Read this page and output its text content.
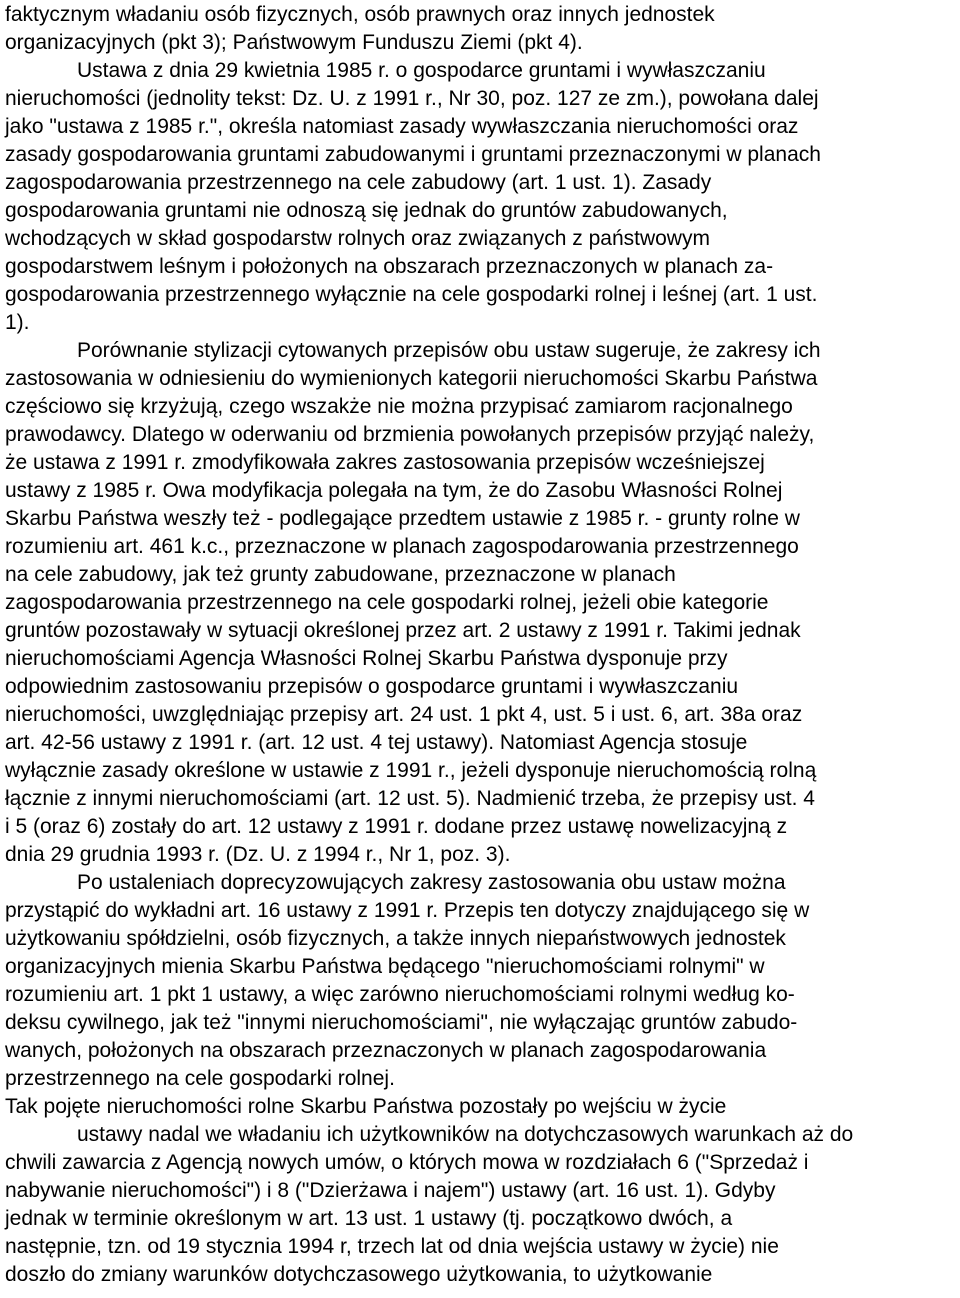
faktycznym władaniu osób fizycznych, osób prawnych oraz innych jednostek
organizacyjnych (pkt 3); Państwowym Funduszu Ziemi (pkt 4).
Ustawa z dnia 29 kwietnia 1985 r. o gospodarce gruntami i wywłaszczaniu
nieruchomości (jednolity tekst: Dz. U. z 1991 r., Nr 30, poz. 127 ze zm.), powołana dalej
jako "ustawa z 1985 r.", określa natomiast zasady wywłaszczania nieruchomości oraz
zasady gospodarowania gruntami zabudowanymi i gruntami przeznaczonymi w planach
zagospodarowania przestrzennego na cele zabudowy (art. 1 ust. 1). Zasady
gospodarowania gruntami nie odnoszą się jednak do gruntów zabudowanych,
wchodzących w skład gospodarstw rolnych oraz związanych z państwowym
gospodarstwem leśnym i położonych na obszarach przeznaczonych w planach za-
gospodarowania przestrzennego wyłącznie na cele gospodarki rolnej i leśnej (art. 1 ust.
1).
Porównanie stylizacji cytowanych przepisów obu ustaw sugeruje, że zakresy ich
zastosowania w odniesieniu do wymienionych kategorii nieruchomości Skarbu Państwa
częściowo się krzyżują, czego wszakże nie można przypisać zamiarom racjonalnego
prawodawcy. Dlatego w oderwaniu od brzmienia powołanych przepisów przyjąć należy,
że ustawa z 1991 r. zmodyfikowała zakres zastosowania przepisów wcześniejszej
ustawy z 1985 r. Owa modyfikacja polegała na tym, że do Zasobu Własności Rolnej
Skarbu Państwa weszły też - podlegające przedtem ustawie z 1985 r. - grunty rolne w
rozumieniu art. 461 k.c., przeznaczone w planach zagospodarowania przestrzennego
na cele zabudowy, jak też grunty zabudowane, przeznaczone w planach
zagospodarowania przestrzennego na cele gospodarki rolnej, jeżeli obie kategorie
gruntów pozostawały w sytuacji określonej przez art. 2 ustawy z 1991 r. Takimi jednak
nieruchomościami Agencja Własności Rolnej Skarbu Państwa dysponuje przy
odpowiednim zastosowaniu przepisów o gospodarce gruntami i wywłaszczaniu
nieruchomości, uwzględniając przepisy art. 24 ust. 1 pkt 4, ust. 5 i ust. 6, art. 38a oraz
art. 42-56 ustawy z 1991 r. (art. 12 ust. 4 tej ustawy). Natomiast Agencja stosuje
wyłącznie zasady określone w ustawie z 1991 r., jeżeli dysponuje nieruchomością rolną
łącznie z innymi nieruchomościami (art. 12 ust. 5). Nadmienić trzeba, że przepisy ust. 4
i 5 (oraz 6) zostały do art. 12 ustawy z 1991 r. dodane przez ustawę nowelizacyjną z
dnia 29 grudnia 1993 r. (Dz. U. z 1994 r., Nr 1, poz. 3).
Po ustaleniach doprecyzowujących zakresy zastosowania obu ustaw można
przystąpić do wykładni art. 16 ustawy z 1991 r. Przepis ten dotyczy znajdującego się w
użytkowaniu spółdzielni, osób fizycznych, a także innych niepaństwowych jednostek
organizacyjnych mienia Skarbu Państwa będącego "nieruchomościami rolnymi" w
rozumieniu art. 1 pkt 1 ustawy, a więc zarówno nieruchomościami rolnymi według ko-
deksu cywilnego, jak też "innymi nieruchomościami", nie wyłączając gruntów zabudo-
wanych, położonych na obszarach przeznaczonych w planach zagospodarowania
przestrzennego na cele gospodarki rolnej.
Tak pojęte nieruchomości rolne Skarbu Państwa pozostały po wejściu w życie
ustawy nadal we władaniu ich użytkowników na dotychczasowych warunkach aż do
chwili zawarcia z Agencją nowych umów, o których mowa w rozdziałach 6 ("Sprzedaż i
nabywanie nieruchomości") i 8 ("Dzierżawa i najem") ustawy (art. 16 ust. 1). Gdyby
jednak w terminie określonym w art. 13 ust. 1 ustawy (tj. początkowo dwóch, a
następnie, tzn. od 19 stycznia 1994 r, trzech lat od dnia wejścia ustawy w życie) nie
doszło do zmiany warunków dotychczasowego użytkowania, to użytkowanie
